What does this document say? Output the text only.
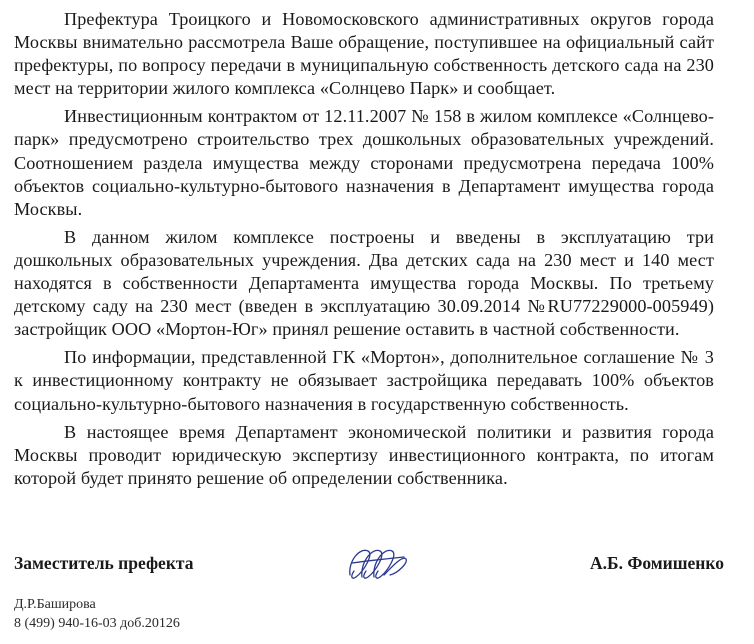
Префектура Троицкого и Новомосковского административных округов города Москвы внимательно рассмотрела Ваше обращение, поступившее на официальный сайт префектуры, по вопросу передачи в муниципальную собственность детского сада на 230 мест на территории жилого комплекса «Солнцево Парк» и сообщает.

Инвестиционным контрактом от 12.11.2007 № 158 в жилом комплексе «Солнцево-парк» предусмотрено строительство трех дошкольных образовательных учреждений. Соотношением раздела имущества между сторонами предусмотрена передача 100% объектов социально-культурно-бытового назначения в Департамент имущества города Москвы.

В данном жилом комплексе построены и введены в эксплуатацию три дошкольных образовательных учреждения. Два детских сада на 230 мест и 140 мест находятся в собственности Департамента имущества города Москвы. По третьему детскому саду на 230 мест (введен в эксплуатацию 30.09.2014 №RU77229000-005949) застройщик ООО «Мортон-Юг» принял решение оставить в частной собственности.

По информации, представленной ГК «Мортон», дополнительное соглашение № 3 к инвестиционному контракту не обязывает застройщика передавать 100% объектов социально-культурно-бытового назначения в государственную собственность.

В настоящее время Департамент экономической политики и развития города Москвы проводит юридическую экспертизу инвестиционного контракта, по итогам которой будет принято решение об определении собственника.

Заместитель префекта	А.Б. Фомишенко
Д.Р.Баширова
8 (499) 940-16-03 доб.20126
